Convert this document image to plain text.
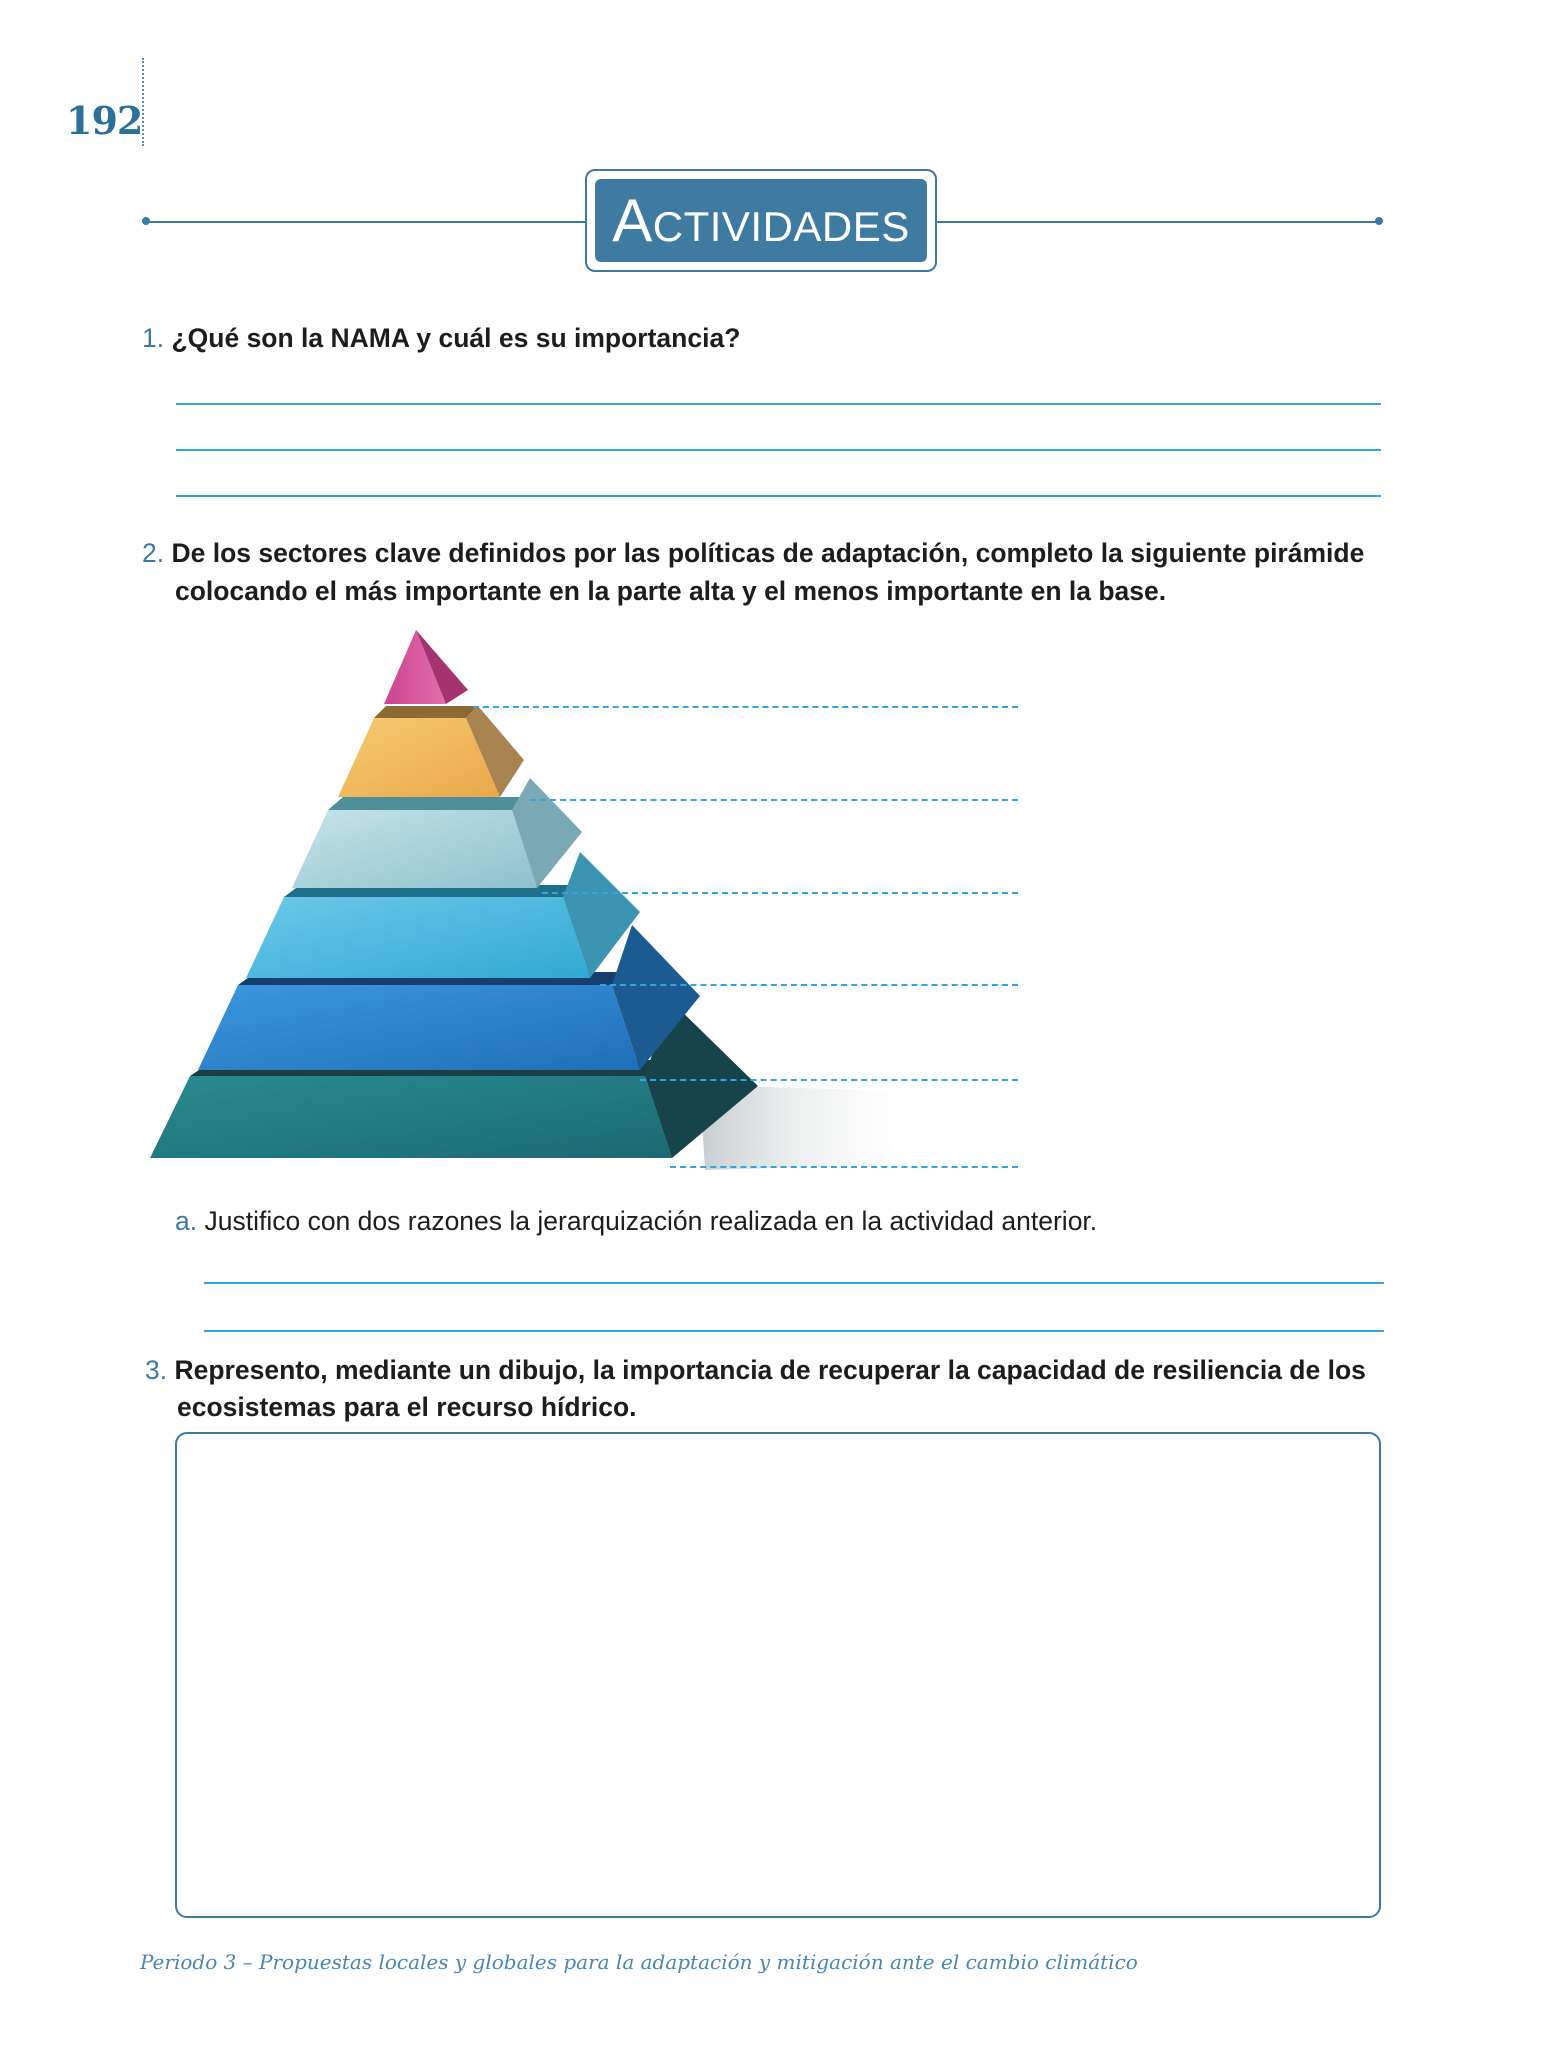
192
Actividades
1. ¿Qué son la NAMA y cuál es su importancia?
2. De los sectores clave definidos por las políticas de adaptación, completo la siguiente pirámide
colocando el más importante en la parte alta y el menos importante en la base.
a. Justifico con dos razones la jerarquización realizada en la actividad anterior.
3. Represento, mediante un dibujo, la importancia de recuperar la capacidad de resiliencia de los
ecosistemas para el recurso hídrico.
Periodo 3 – Propuestas locales y globales para la adaptación y mitigación ante el cambio climático
